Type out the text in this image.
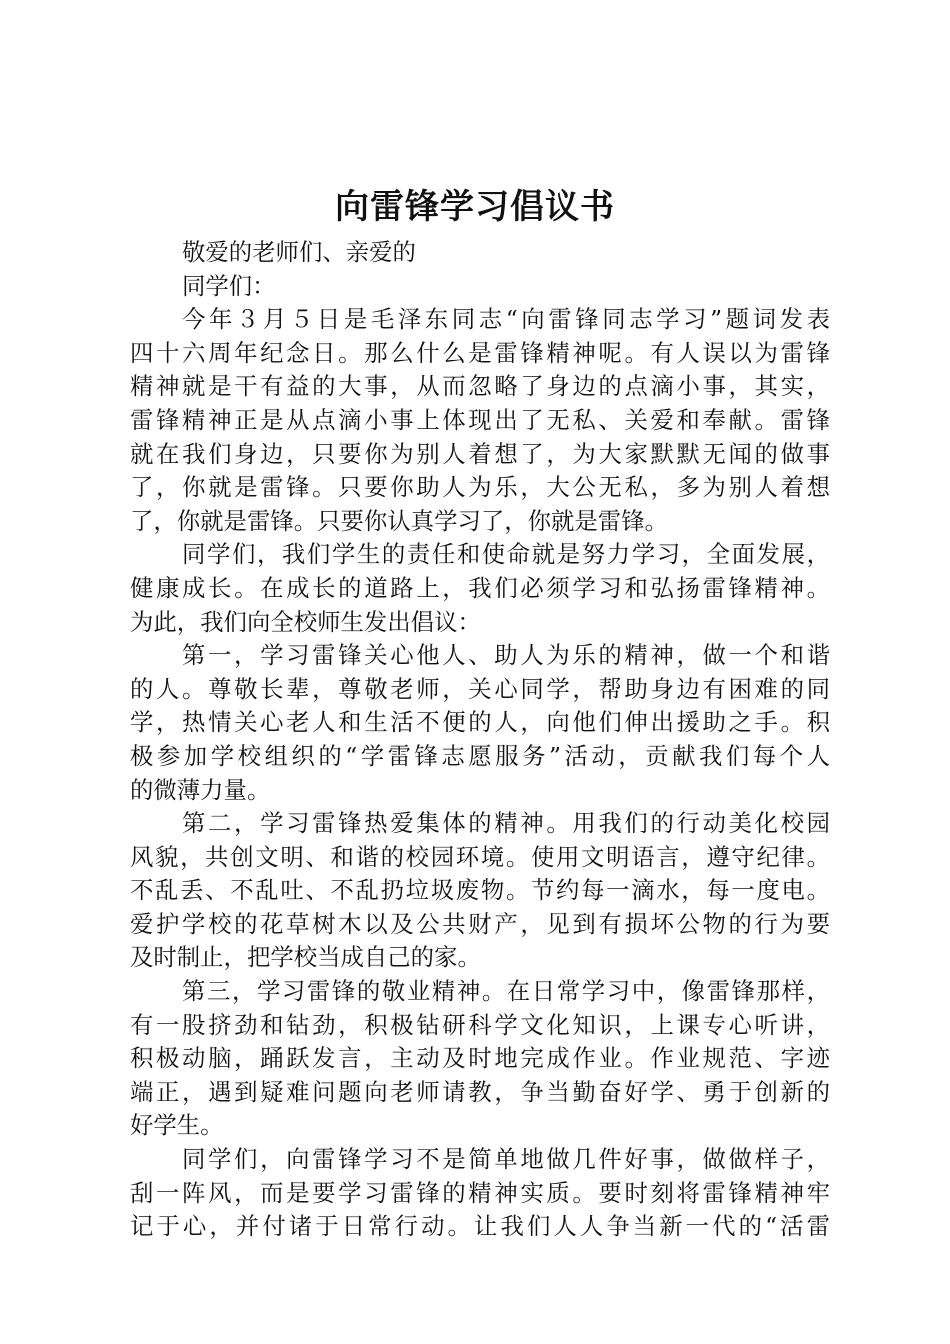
向雷锋学习倡议书
敬爱的老师们、亲爱的
同学们：
今年３月５日是毛泽东同志“向雷锋同志学习”题词发表
四十六周年纪念日。那么什么是雷锋精神呢。有人误以为雷锋
精神就是干有益的大事，从而忽略了身边的点滴小事，其实，
雷锋精神正是从点滴小事上体现出了无私、关爱和奉献。雷锋
就在我们身边，只要你为别人着想了，为大家默默无闻的做事
了，你就是雷锋。只要你助人为乐，大公无私，多为别人着想
了，你就是雷锋。只要你认真学习了，你就是雷锋。
同学们，我们学生的责任和使命就是努力学习，全面发展，
健康成长。在成长的道路上，我们必须学习和弘扬雷锋精神。
为此，我们向全校师生发出倡议：
第一，学习雷锋关心他人、助人为乐的精神，做一个和谐
的人。尊敬长辈，尊敬老师，关心同学，帮助身边有困难的同
学，热情关心老人和生活不便的人，向他们伸出援助之手。积
极参加学校组织的“学雷锋志愿服务”活动，贡献我们每个人
的微薄力量。
第二，学习雷锋热爱集体的精神。用我们的行动美化校园
风貌，共创文明、和谐的校园环境。使用文明语言，遵守纪律。
不乱丢、不乱吐、不乱扔垃圾废物。节约每一滴水，每一度电。
爱护学校的花草树木以及公共财产，见到有损坏公物的行为要
及时制止，把学校当成自己的家。
第三，学习雷锋的敬业精神。在日常学习中，像雷锋那样，
有一股挤劲和钻劲，积极钻研科学文化知识，上课专心听讲，
积极动脑，踊跃发言，主动及时地完成作业。作业规范、字迹
端正，遇到疑难问题向老师请教，争当勤奋好学、勇于创新的
好学生。
同学们，向雷锋学习不是简单地做几件好事，做做样子，
刮一阵风，而是要学习雷锋的精神实质。要时刻将雷锋精神牢
记于心，并付诸于日常行动。让我们人人争当新一代的“活雷
